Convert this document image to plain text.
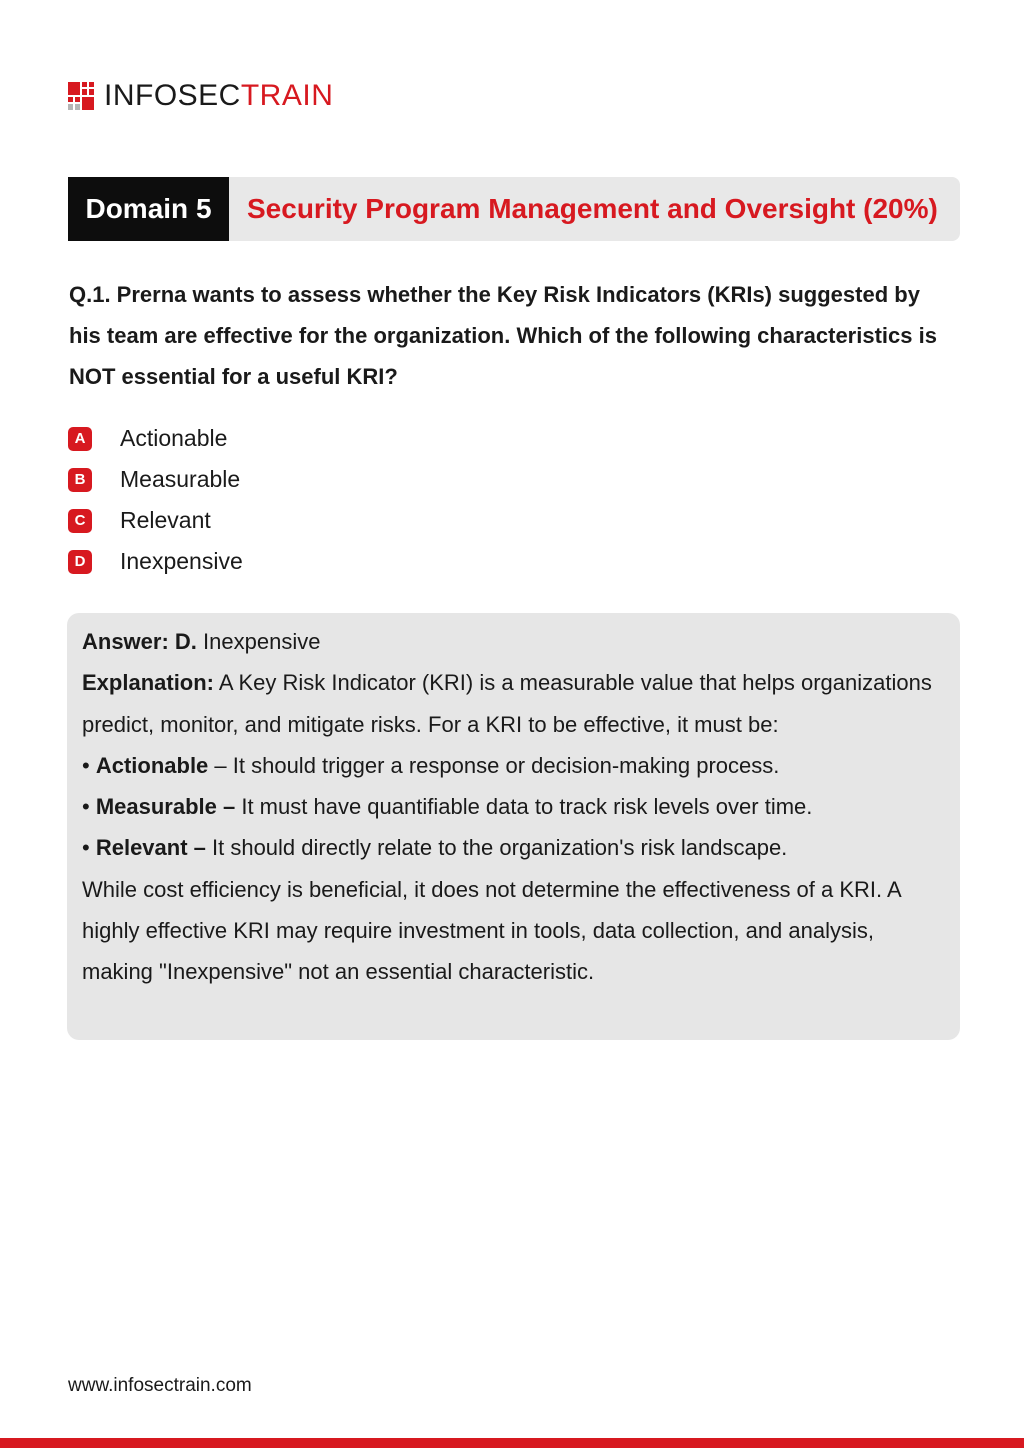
INFOSECTRAIN
Domain 5	Security Program Management and Oversight (20%)
Q.1. Prerna wants to assess whether the Key Risk Indicators (KRIs) suggested by his team are effective for the organization. Which of the following characteristics is NOT essential for a useful KRI?
A Actionable
B Measurable
C Relevant
D Inexpensive

Answer: D. Inexpensive

Explanation: A Key Risk Indicator (KRI) is a measurable value that helps organizations predict, monitor, and mitigate risks. For a KRI to be effective, it must be:

• Actionable – It should trigger a response or decision-making process.

• Measurable – It must have quantifiable data to track risk levels over time.

• Relevant – It should directly relate to the organization's risk landscape.

While cost efficiency is beneficial, it does not determine the effectiveness of a KRI. A highly effective KRI may require investment in tools, data collection, and analysis, making "Inexpensive" not an essential characteristic.

www.infosectrain.com
